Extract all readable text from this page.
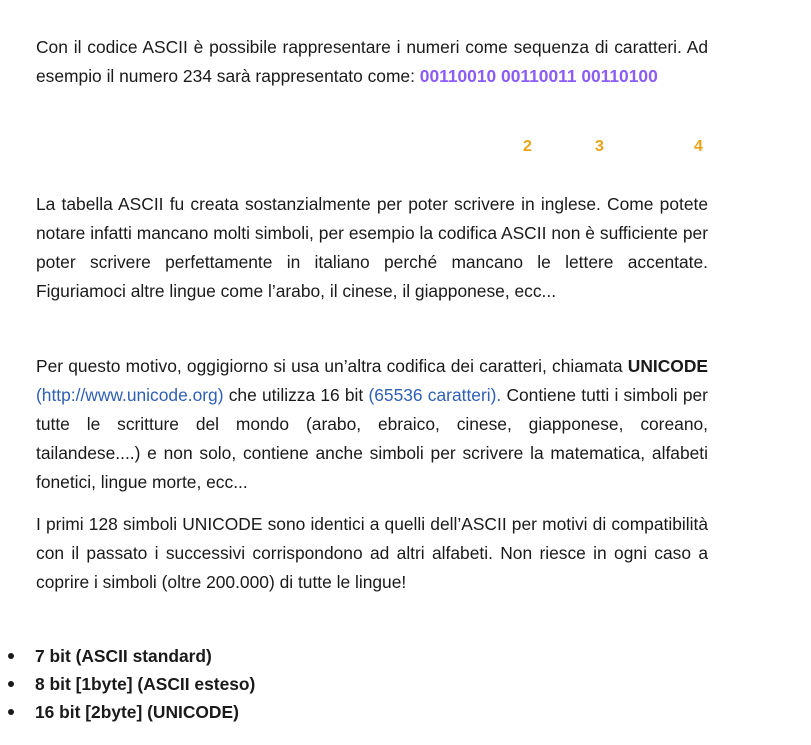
Con il codice ASCII è possibile rappresentare i numeri come sequenza di caratteri. Ad esempio il numero 234 sarà rappresentato come: 00110010 00110011 00110100

2	3	4

La tabella ASCII fu creata sostanzialmente per poter scrivere in inglese. Come potete notare infatti mancano molti simboli, per esempio la codifica ASCII non è sufficiente per poter scrivere perfettamente in italiano perché mancano le lettere accentate. Figuriamoci altre lingue come l’arabo, il cinese, il giapponese, ecc...

Per questo motivo, oggigiorno si usa un’altra codifica dei caratteri, chiamata UNICODE (http://www.unicode.org) che utilizza 16 bit (65536 caratteri). Contiene tutti i simboli per tutte le scritture del mondo (arabo, ebraico, cinese, giapponese, coreano, tailandese....) e non solo, contiene anche simboli per scrivere la matematica, alfabeti fonetici, lingue morte, ecc...

I primi 128 simboli UNICODE sono identici a quelli dell’ASCII per motivi di compatibilità con il passato i successivi corrispondono ad altri alfabeti. Non riesce in ogni caso a coprire i simboli (oltre 200.000) di tutte le lingue!

7 bit (ASCII standard)
8 bit [1byte] (ASCII esteso)
16 bit [2byte] (UNICODE)
